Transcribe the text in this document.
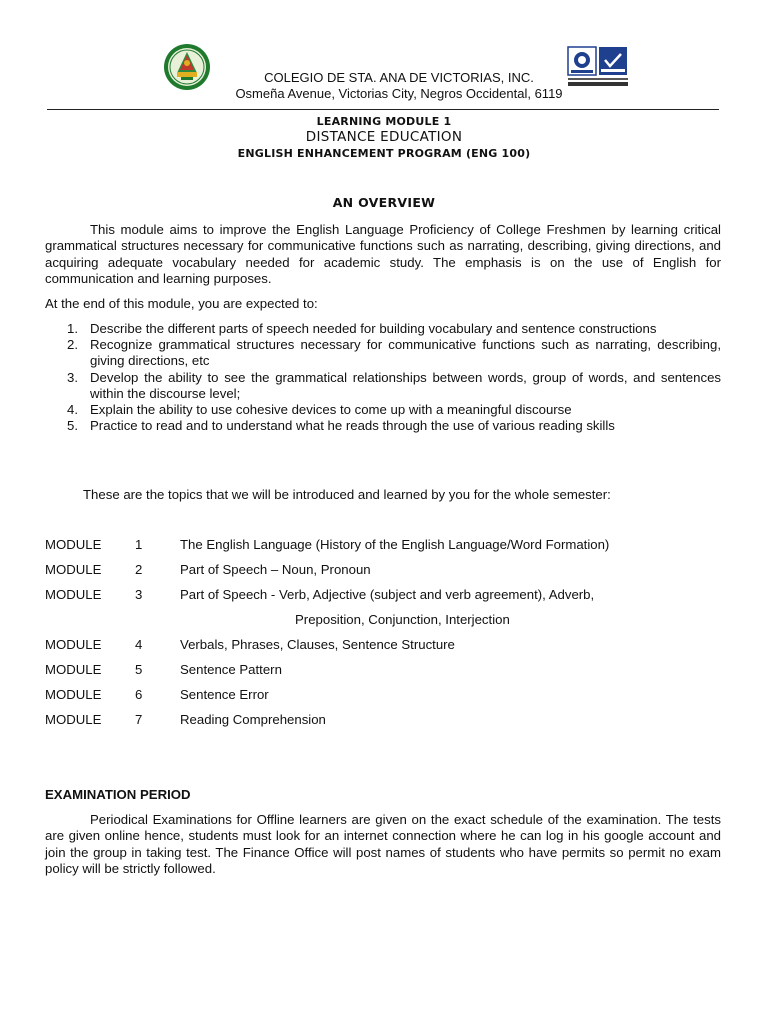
COLEGIO DE STA. ANA DE VICTORIAS, INC.
Osmeña Avenue, Victorias City, Negros Occidental, 6119
LEARNING MODULE 1
DISTANCE EDUCATION
ENGLISH ENHANCEMENT PROGRAM (ENG 100)
AN OVERVIEW

This module aims to improve the English Language Proficiency of College Freshmen by learning critical grammatical structures necessary for communicative functions such as narrating, describing, giving directions, and acquiring adequate vocabulary needed for academic study. The emphasis is on the use of English for communication and learning purposes.

At the end of this module, you are expected to:

1. Describe the different parts of speech needed for building vocabulary and sentence constructions
2. Recognize grammatical structures necessary for communicative functions such as narrating, describing, giving directions, etc
3. Develop the ability to see the grammatical relationships between words, group of words, and sentences within the discourse level;
4. Explain the ability to use cohesive devices to come up with a meaningful discourse
5. Practice to read and to understand what he reads through the use of various reading skills
These are the topics that we will be introduced and learned by you for the whole semester:
MODULE	1	The English Language (History of the English Language/Word Formation)
MODULE	2	Part of Speech – Noun, Pronoun
MODULE	3	Part of Speech - Verb, Adjective (subject and verb agreement), Adverb,
Preposition, Conjunction, Interjection
MODULE	4	Verbals, Phrases, Clauses, Sentence Structure
MODULE	5	Sentence Pattern
MODULE	6	Sentence Error
MODULE	7	Reading Comprehension
EXAMINATION PERIOD

Periodical Examinations for Offline learners are given on the exact schedule of the examination. The tests are given online hence, students must look for an internet connection where he can log in his google account and join the group in taking test. The Finance Office will post names of students who have permits so permit no exam policy will be strictly followed.
